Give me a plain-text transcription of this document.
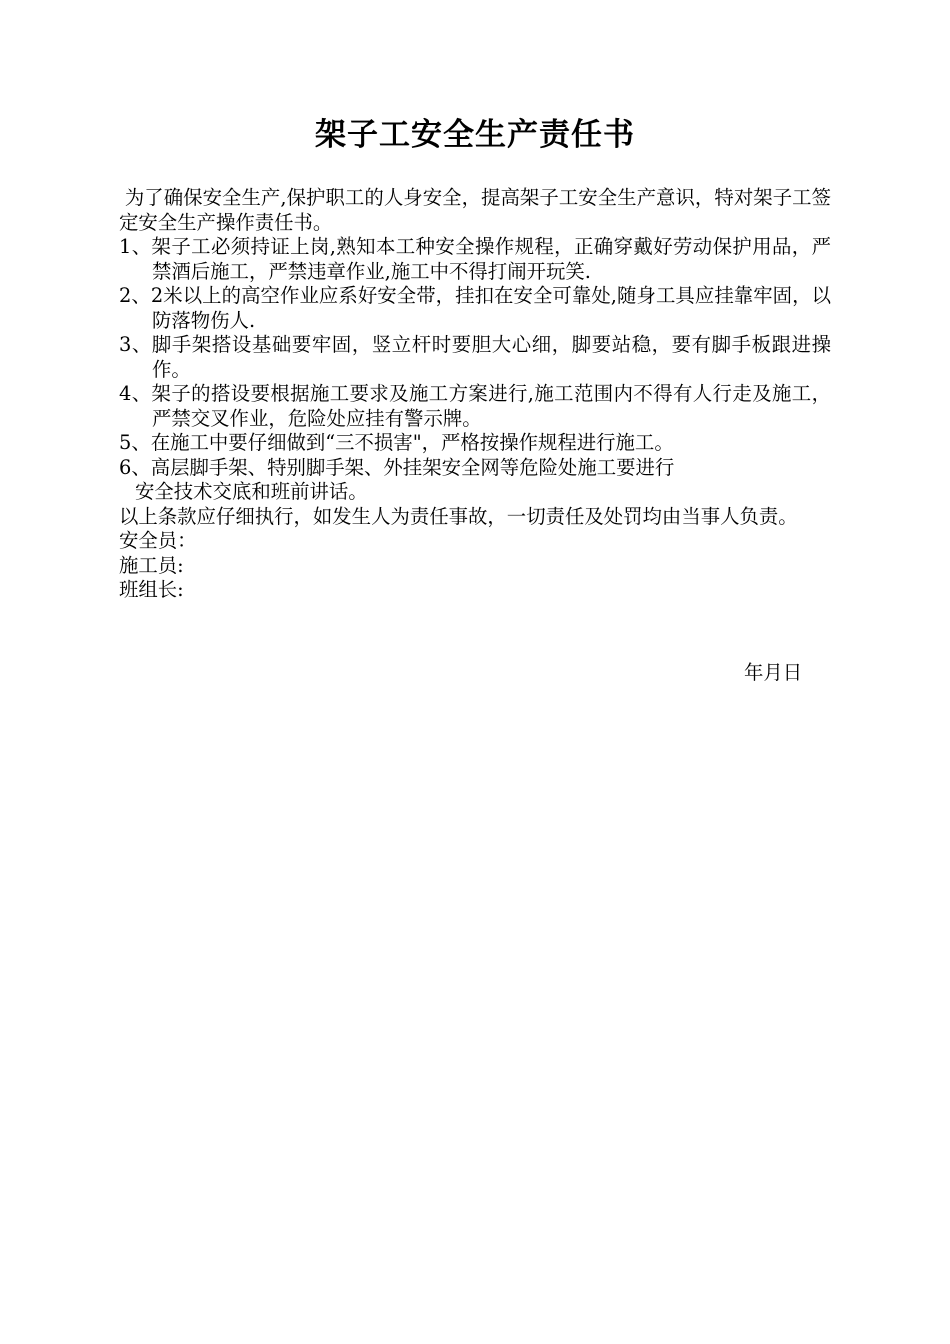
架子工安全生产责任书

为了确保安全生产,保护职工的人身安全，提高架子工安全生产意识，特对架子工签定安全生产操作责任书。

1、架子工必须持证上岗,熟知本工种安全操作规程，正确穿戴好劳动保护用品，严禁酒后施工，严禁违章作业,施工中不得打闹开玩笑.

2、2米以上的高空作业应系好安全带，挂扣在安全可靠处,随身工具应挂靠牢固，以防落物伤人.

3、脚手架搭设基础要牢固，竖立杆时要胆大心细，脚要站稳，要有脚手板跟进操作。

4、架子的搭设要根据施工要求及施工方案进行,施工范围内不得有人行走及施工，严禁交叉作业，危险处应挂有警示牌。

5、在施工中要仔细做到“三不损害"，严格按操作规程进行施工。

6、高层脚手架、特别脚手架、外挂架安全网等危险处施工要进行

安全技术交底和班前讲话。

以上条款应仔细执行，如发生人为责任事故，一切责任及处罚均由当事人负责。

安全员：

施工员:

班组长:

年月日
